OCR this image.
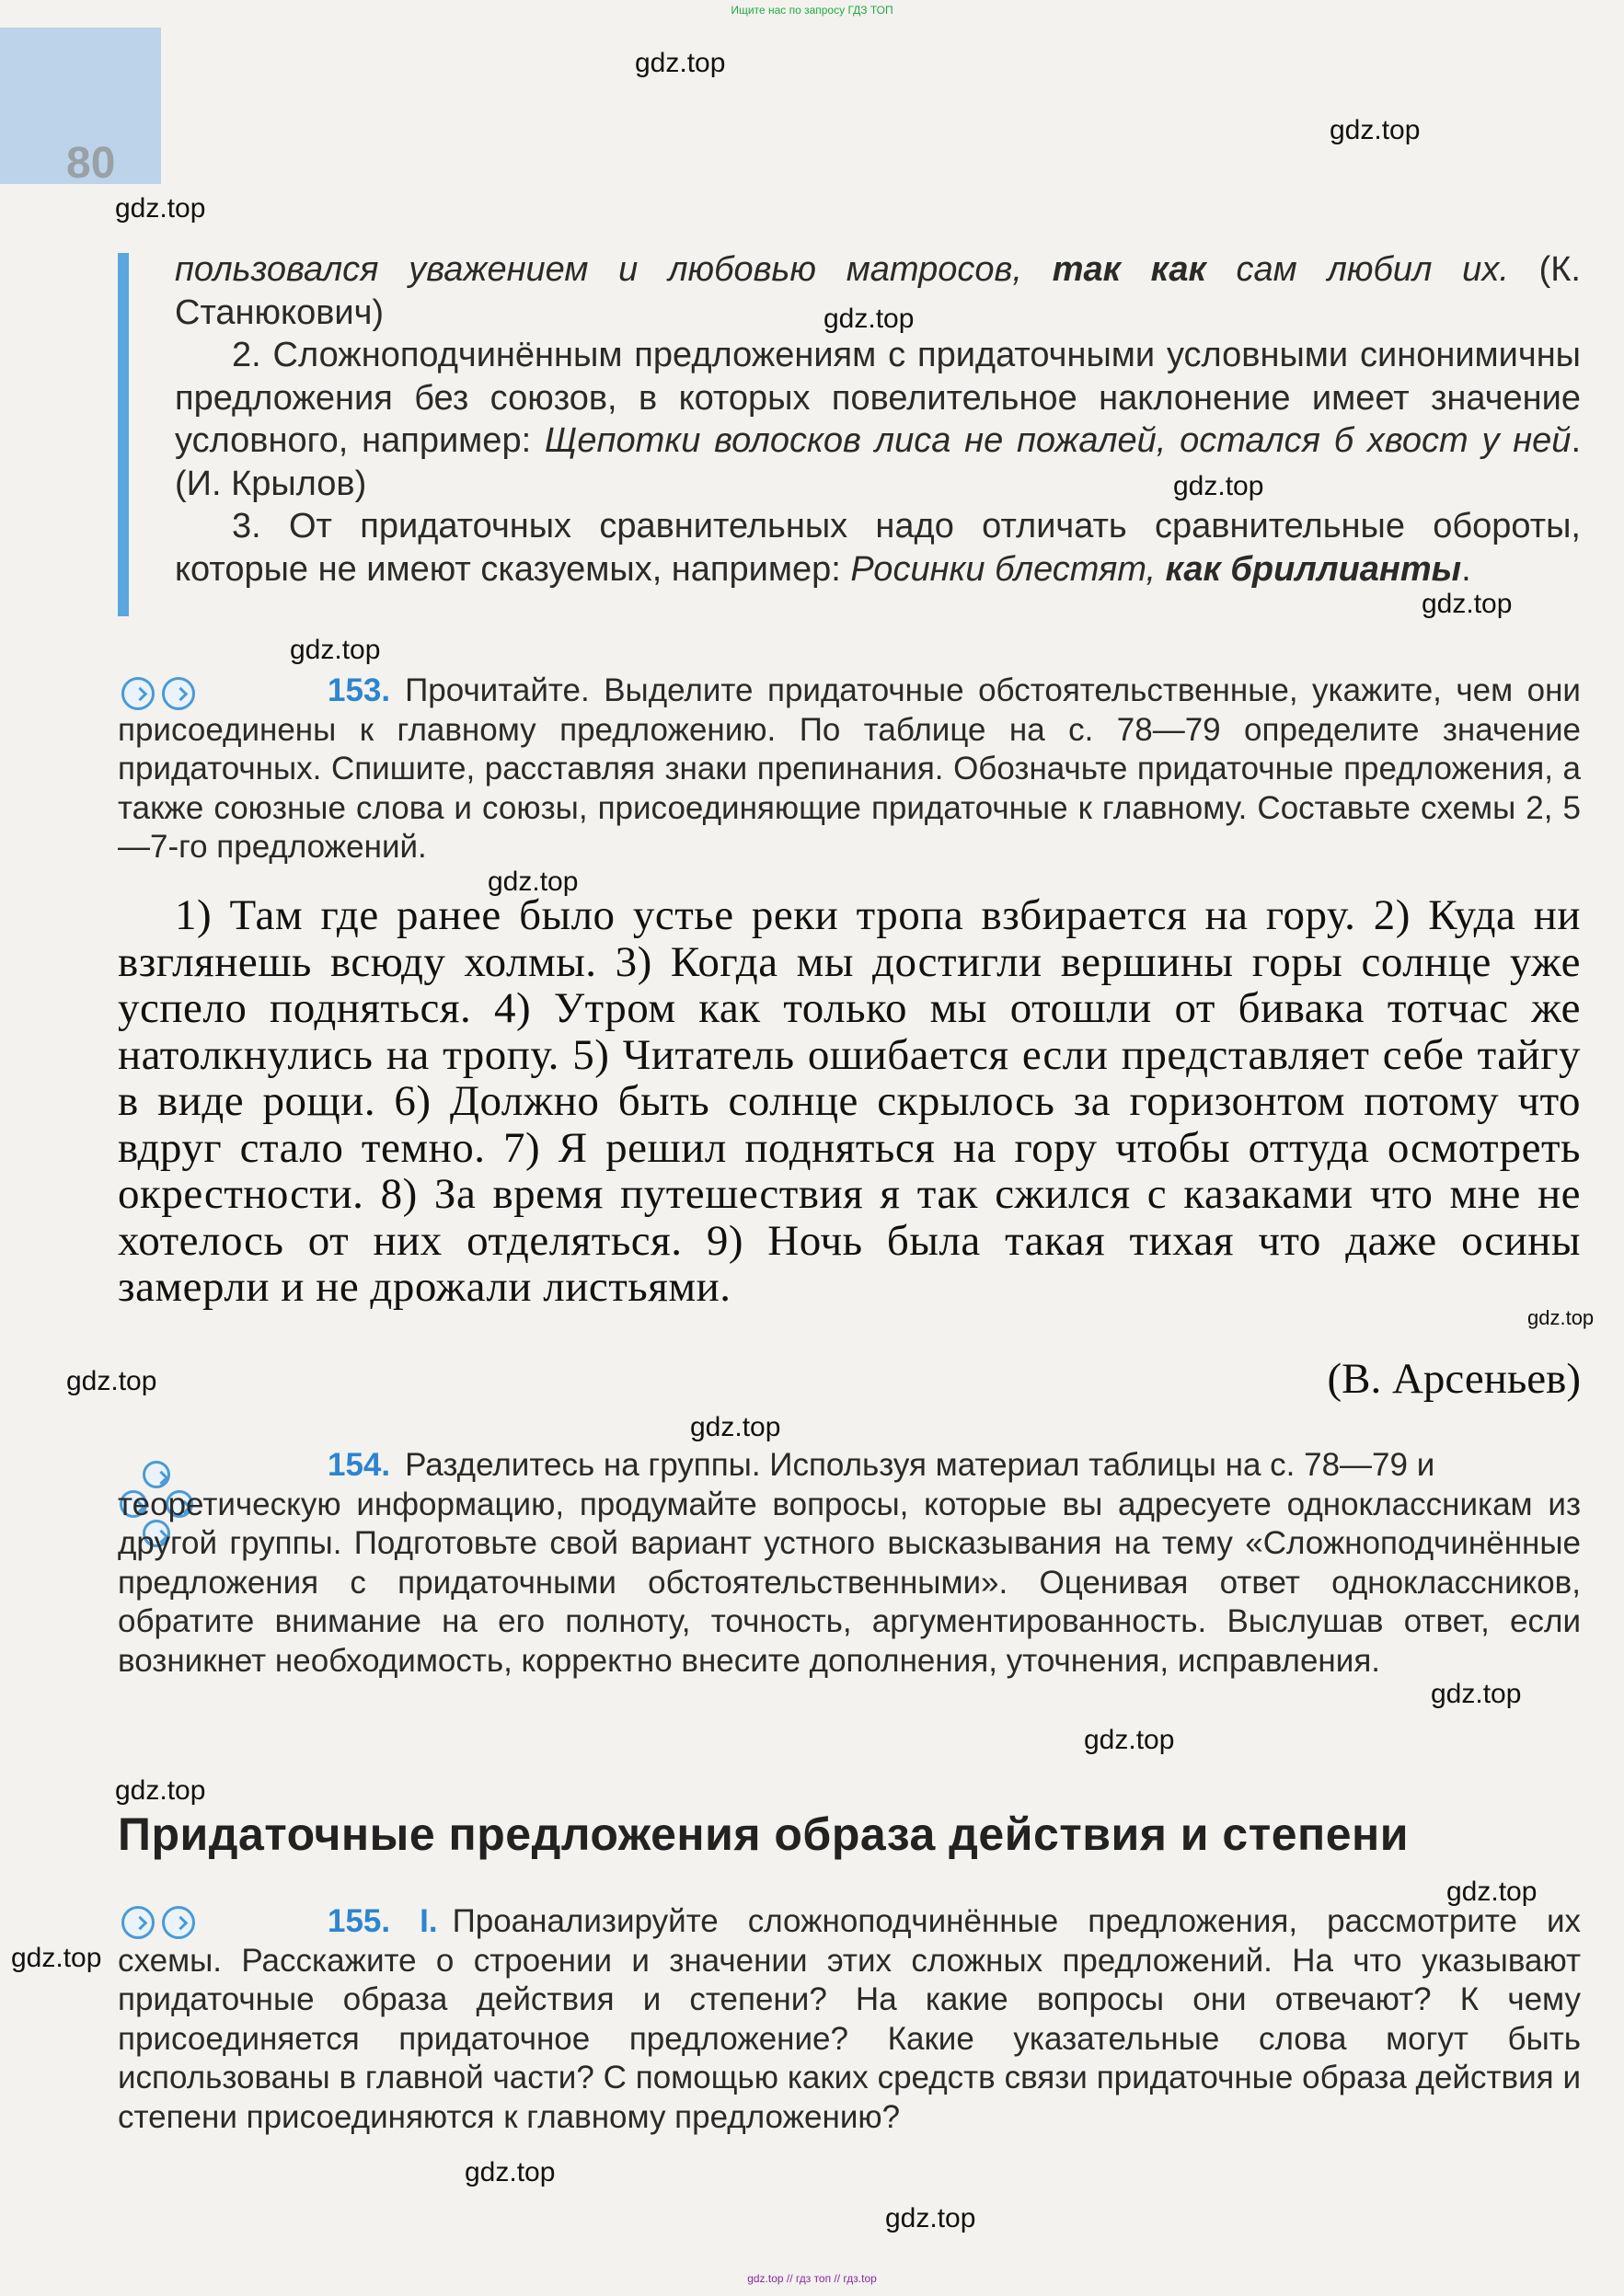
Ищите нас по запросу ГДЗ ТОП
80

пользовался уважением и любовью матросов, так как сам любил их. (К. Станюкович)

2. Сложноподчинённым предложениям с придаточными условными синонимичны предложения без союзов, в которых повелительное наклонение имеет значение условного, например: Щепотки волосков лиса не пожалей, остался б хвост у ней. (И. Крылов)

3. От придаточных сравнительных надо отличать сравнительные обороты, которые не имеют сказуемых, например: Росинки блестят, как бриллианты.

153. Прочитайте. Выделите придаточные обстоятельственные, укажите, чем они присоединены к главному предложению. По таблице на с. 78—79 определите значение придаточных. Спишите, расставляя знаки препинания. Обозначьте придаточные предложения, а также союзные слова и союзы, присоединяющие придаточные к главному. Составьте схемы 2, 5—7-го предложений.
1) Там где ранее было устье реки тропа взбирается на гору. 2) Куда ни взглянешь всюду холмы. 3) Когда мы достигли вершины горы солнце уже успело подняться. 4) Утром как только мы отошли от бивака тотчас же натолкнулись на тропу. 5) Читатель ошибается если представляет себе тайгу в виде рощи. 6) Должно быть солнце скрылось за горизонтом потому что вдруг стало темно. 7) Я решил подняться на гору чтобы оттуда осмотреть окрестности. 8) За время путешествия я так сжился с казаками что мне не хотелось от них отделяться. 9) Ночь была такая тихая что даже осины замерли и не дрожали листьями.
(В. Арсеньев)

154. Разделитесь на группы. Используя материал таблицы на с. 78—79 и

теоретическую информацию, продумайте вопросы, которые вы адресуете одноклассникам из другой группы. Подготовьте свой вариант устного высказывания на тему «Сложноподчинённые предложения с придаточными обстоятельственными». Оценивая ответ одноклассников, обратите внимание на его полноту, точность, аргументированность. Выслушав ответ, если возникнет необходимость, корректно внесите дополнения, уточнения, исправления.

Придаточные предложения образа действия и степени
155. I. Проанализируйте сложноподчинённые предложения, рассмотрите их схемы. Расскажите о строении и значении этих сложных предложений. На что указывают придаточные образа действия и степени? На какие вопросы они отвечают? К чему присоединяется придаточное предложение? Какие указательные слова могут быть использованы в главной части? С помощью каких средств связи придаточные образа действия и степени присоединяются к главному предложению?
gdz.top
gdz.top
gdz.top
gdz.top
gdz.top
gdz.top
gdz.top
gdz.top
gdz.top
gdz.top
gdz.top
gdz.top
gdz.top
gdz.top
gdz.top
gdz.top
gdz.top
gdz.top
gdz.top // гдз топ // гдз.top
